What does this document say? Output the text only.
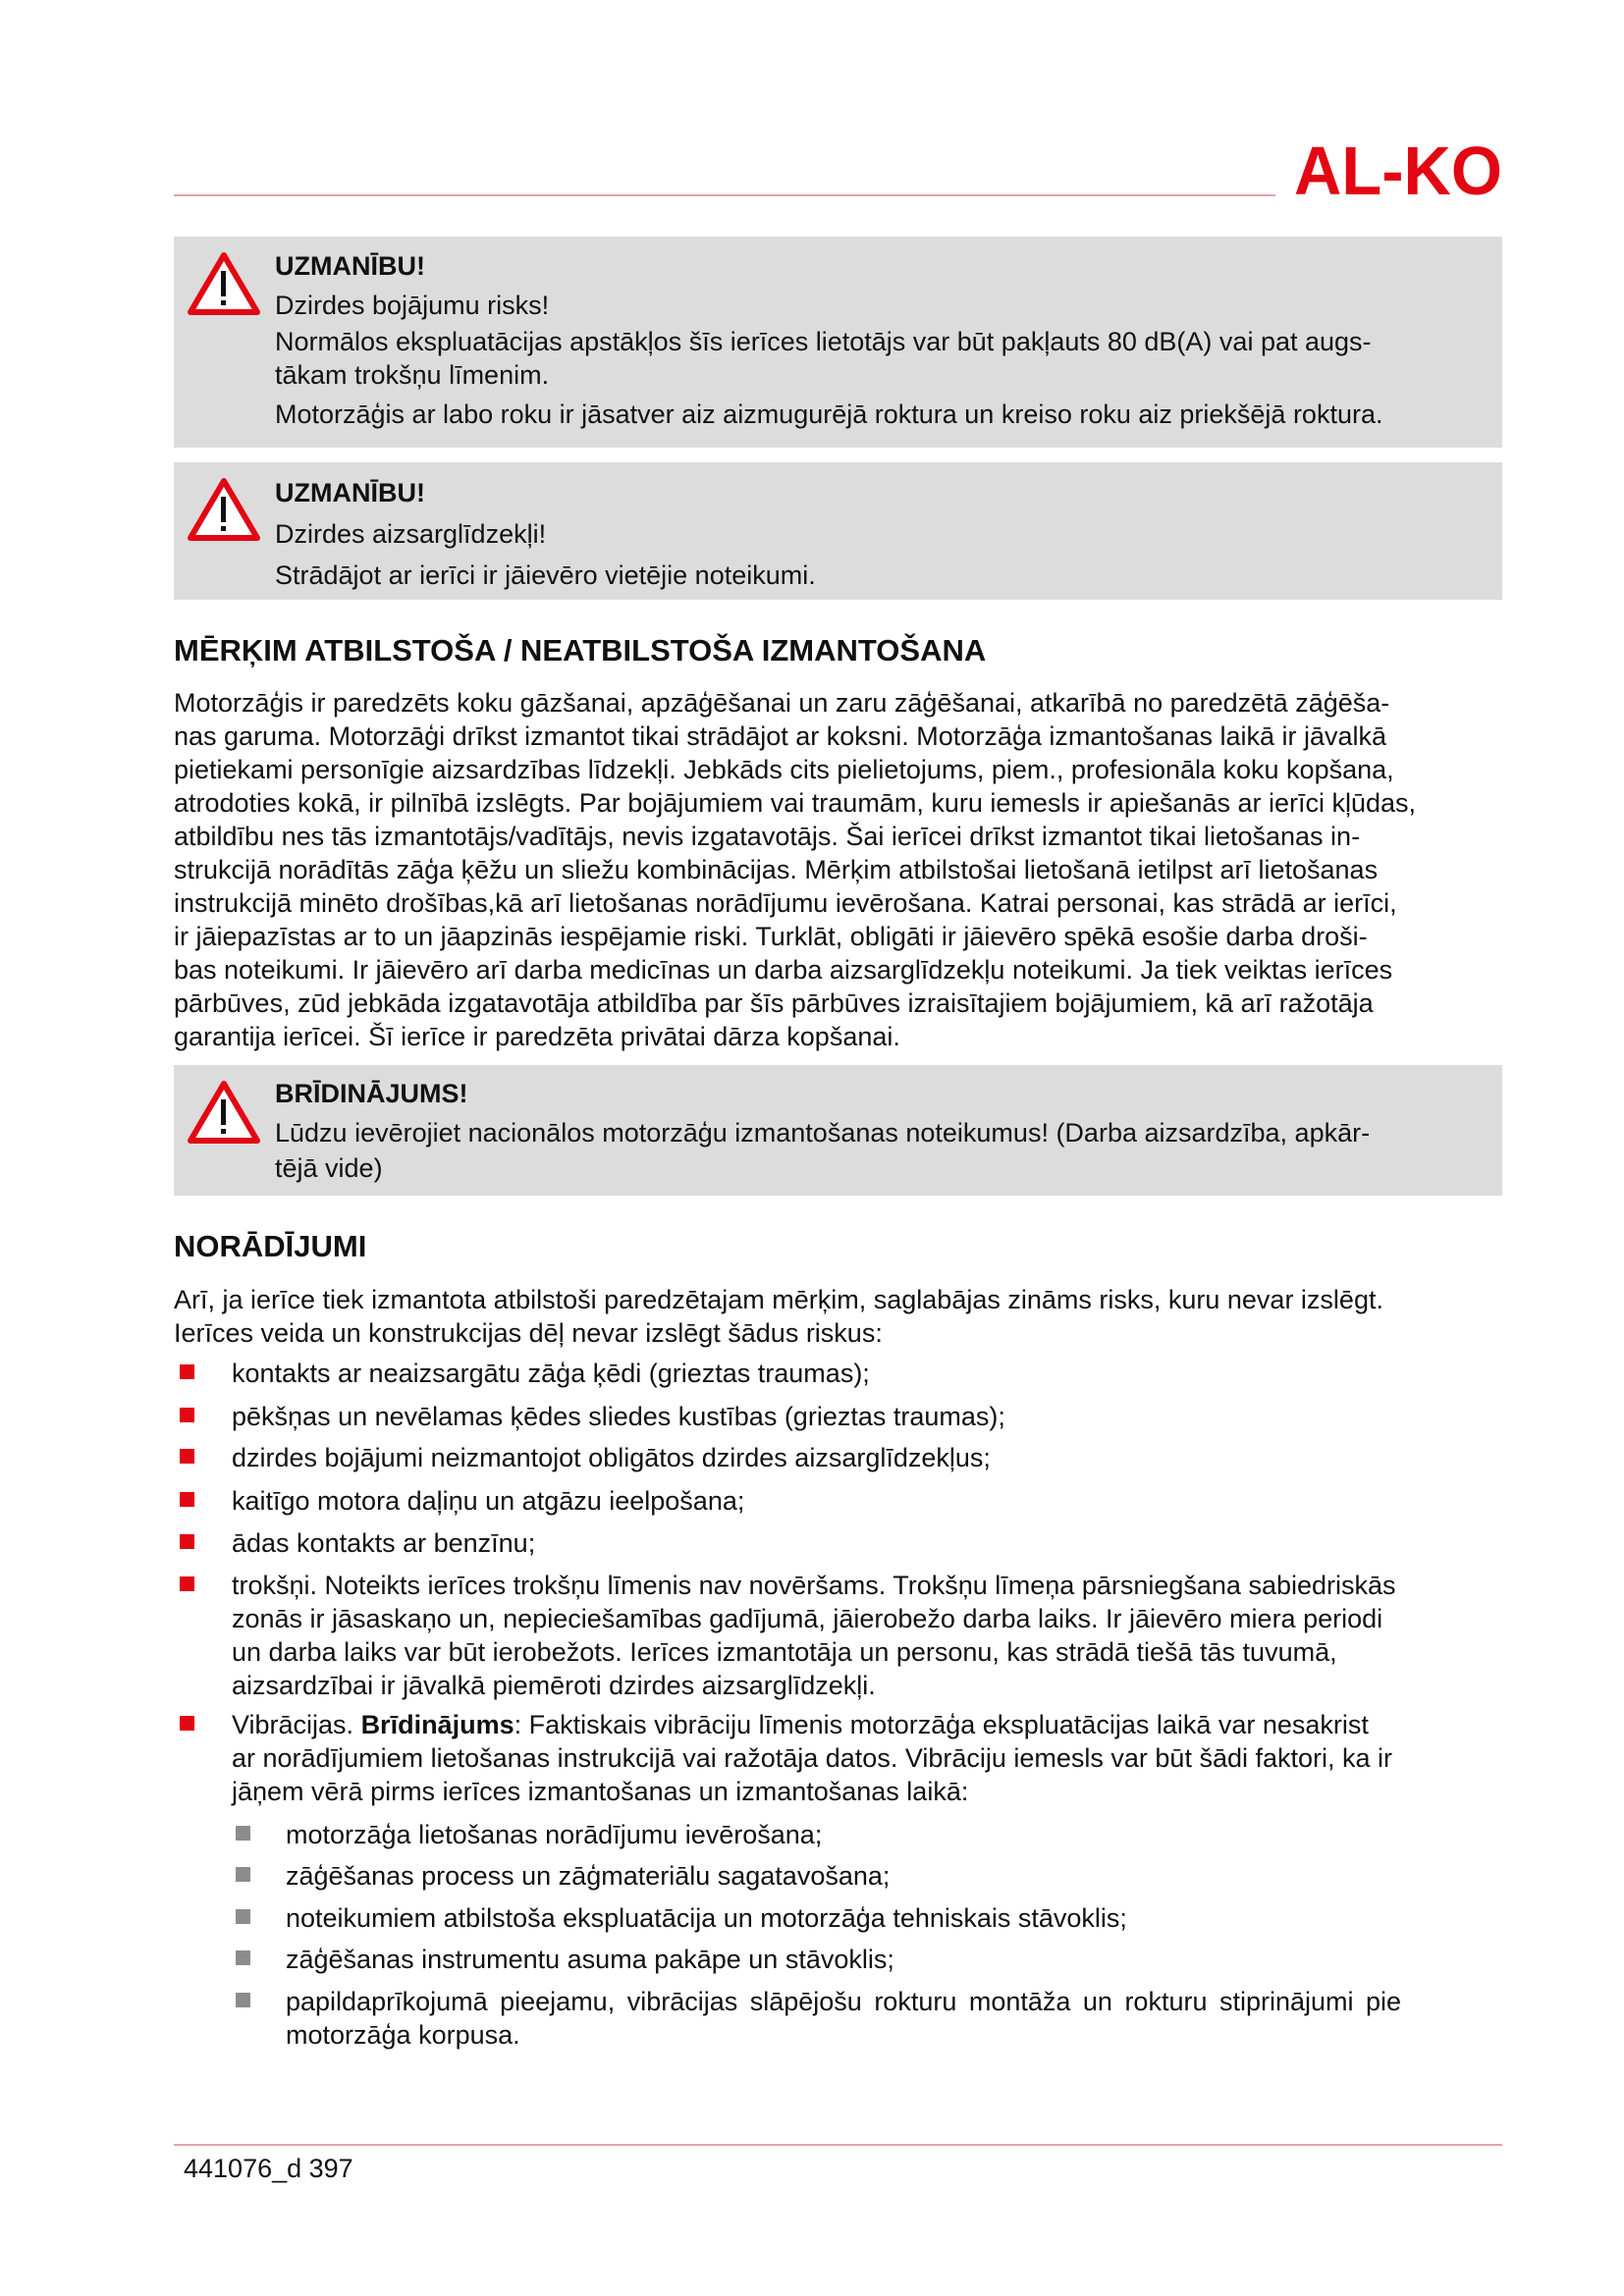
AL-KO
UZMANĪBU!
Dzirdes bojājumu risks!
Normālos ekspluatācijas apstākļos šīs ierīces lietotājs var būt pakļauts 80 dB(A) vai pat augs-
tākam trokšņu līmenim.
Motorzāģis ar labo roku ir jāsatver aiz aizmugurējā roktura un kreiso roku aiz priekšējā roktura.
UZMANĪBU!
Dzirdes aizsarglīdzekļi!
Strādājot ar ierīci ir jāievēro vietējie noteikumi.
MĒRĶIM ATBILSTOŠA / NEATBILSTOŠA IZMANTOŠANA
Motorzāģis ir paredzēts koku gāzšanai, apzāģēšanai un zaru zāģēšanai, atkarībā no paredzētā zāģēša-
nas garuma. Motorzāģi drīkst izmantot tikai strādājot ar koksni. Motorzāģa izmantošanas laikā ir jāvalkā
pietiekami personīgie aizsardzības līdzekļi. Jebkāds cits pielietojums, piem., profesionāla koku kopšana,
atrodoties kokā, ir pilnībā izslēgts. Par bojājumiem vai traumām, kuru iemesls ir apiešanās ar ierīci kļūdas,
atbildību nes tās izmantotājs/vadītājs, nevis izgatavotājs. Šai ierīcei drīkst izmantot tikai lietošanas in-
strukcijā norādītās zāģa ķēžu un sliežu kombinācijas. Mērķim atbilstošai lietošanā ietilpst arī lietošanas
instrukcijā minēto drošības,kā arī lietošanas norādījumu ievērošana. Katrai personai, kas strādā ar ierīci,
ir jāiepazīstas ar to un jāapzinās iespējamie riski. Turklāt, obligāti ir jāievēro spēkā esošie darba droši-
bas noteikumi. Ir jāievēro arī darba medicīnas un darba aizsarglīdzekļu noteikumi. Ja tiek veiktas ierīces
pārbūves, zūd jebkāda izgatavotāja atbildība par šīs pārbūves izraisītajiem bojājumiem, kā arī ražotāja
garantija ierīcei. Šī ierīce ir paredzēta privātai dārza kopšanai.
BRĪDINĀJUMS!
Lūdzu ievērojiet nacionālos motorzāģu izmantošanas noteikumus! (Darba aizsardzība, apkār-
tējā vide)
NORĀDĪJUMI
Arī, ja ierīce tiek izmantota atbilstoši paredzētajam mērķim, saglabājas zināms risks, kuru nevar izslēgt.
Ierīces veida un konstrukcijas dēļ nevar izslēgt šādus riskus:
kontakts ar neaizsargātu zāģa ķēdi (grieztas traumas);
pēkšņas un nevēlamas ķēdes sliedes kustības (grieztas traumas);
dzirdes bojājumi neizmantojot obligātos dzirdes aizsarglīdzekļus;
kaitīgo motora daļiņu un atgāzu ieelpošana;
ādas kontakts ar benzīnu;
trokšņi. Noteikts ierīces trokšņu līmenis nav novēršams. Trokšņu līmeņa pārsniegšana sabiedriskās
zonās ir jāsaskaņo un, nepieciešamības gadījumā, jāierobežo darba laiks. Ir jāievēro miera periodi
un darba laiks var būt ierobežots. Ierīces izmantotāja un personu, kas strādā tiešā tās tuvumā,
aizsardzībai ir jāvalkā piemēroti dzirdes aizsarglīdzekļi.
Vibrācijas. Brīdinājums: Faktiskais vibrāciju līmenis motorzāģa ekspluatācijas laikā var nesakrist
ar norādījumiem lietošanas instrukcijā vai ražotāja datos. Vibrāciju iemesls var būt šādi faktori, ka ir
jāņem vērā pirms ierīces izmantošanas un izmantošanas laikā:
motorzāģa lietošanas norādījumu ievērošana;
zāģēšanas process un zāģmateriālu sagatavošana;
noteikumiem atbilstoša ekspluatācija un motorzāģa tehniskais stāvoklis;
zāģēšanas instrumentu asuma pakāpe un stāvoklis;
papildaprīkojumā pieejamu, vibrācijas slāpējošu rokturu montāža un rokturu stiprinājumi pie
motorzāģa korpusa.
441076_d 397
